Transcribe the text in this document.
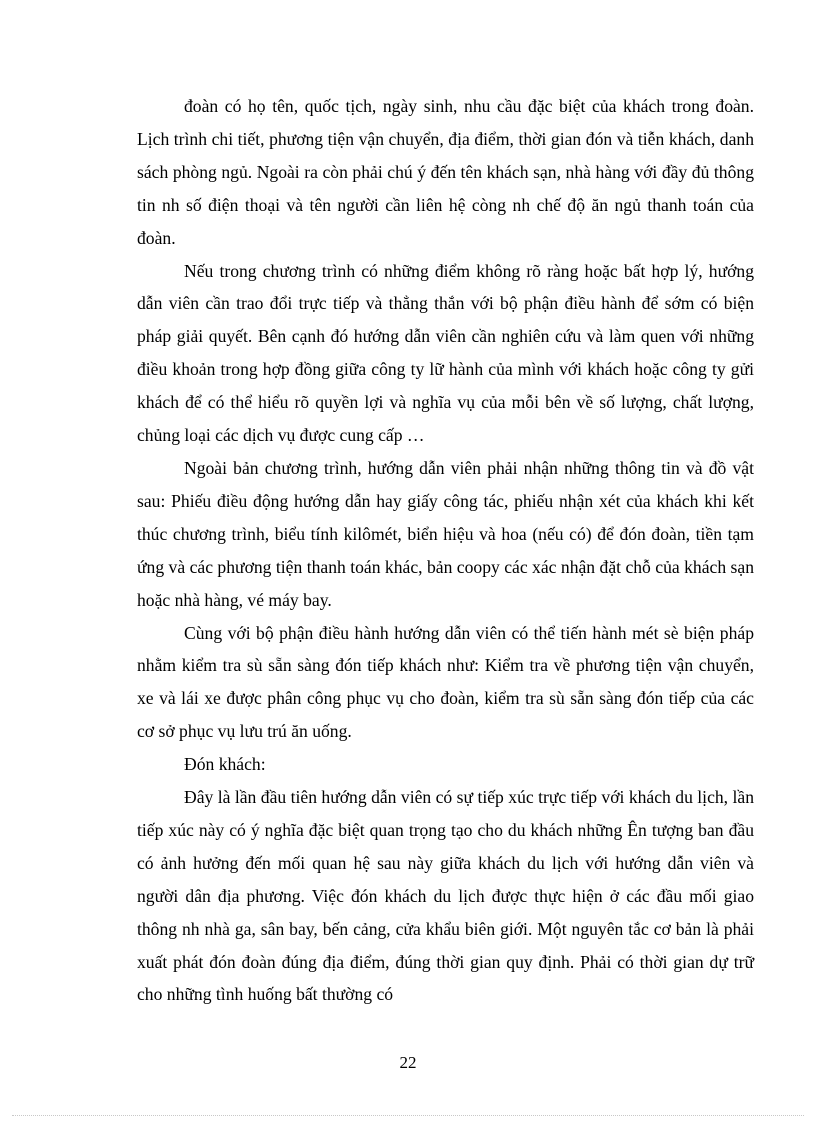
đoàn có họ tên, quốc tịch, ngày sinh, nhu cầu đặc biệt của khách trong đoàn. Lịch trình chi tiết, phương tiện vận chuyển, địa điểm, thời gian đón và tiễn khách, danh sách phòng ngủ. Ngoài ra còn phải chú ý đến tên khách sạn, nhà hàng với đầy đủ thông tin nh số điện thoại và tên người cần liên hệ còng nh chế độ ăn ngủ thanh toán của đoàn.

Nếu trong chương trình có những điểm không rõ ràng hoặc bất hợp lý, hướng dẫn viên cần trao đổi trực tiếp và thẳng thắn với bộ phận điều hành để sớm có biện pháp giải quyết. Bên cạnh đó hướng dẫn viên cần nghiên cứu và làm quen với những điều khoản trong hợp đồng giữa công ty lữ hành của mình với khách hoặc công ty gửi khách để có thể hiểu rõ quyền lợi và nghĩa vụ của mỗi bên về số lượng, chất lượng, chủng loại các dịch vụ được cung cấp …

Ngoài bản chương trình, hướng dẫn viên phải nhận những thông tin và đồ vật sau: Phiếu điều động hướng dẫn hay giấy công tác, phiếu nhận xét của khách khi kết thúc chương trình, biểu tính kilômét, biển hiệu và hoa (nếu có) để đón đoàn, tiền tạm ứng và các phương tiện thanh toán khác, bản coopy các xác nhận đặt chỗ của khách sạn hoặc nhà hàng, vé máy bay.

Cùng với bộ phận điều hành hướng dẫn viên có thể tiến hành mét sè biện pháp nhằm kiểm tra sù sẵn sàng đón tiếp khách như: Kiểm tra về phương tiện vận chuyển, xe và lái xe được phân công phục vụ cho đoàn, kiểm tra sù sẵn sàng đón tiếp của các cơ sở phục vụ lưu trú ăn uống.

Đón khách:

Đây là lần đầu tiên hướng dẫn viên có sự tiếp xúc trực tiếp với khách du lịch, lần tiếp xúc này có ý nghĩa đặc biệt quan trọng tạo cho du khách những Ên tượng ban đầu có ảnh hưởng đến mối quan hệ sau này giữa khách du lịch với hướng dẫn viên và người dân địa phương. Việc đón khách du lịch được thực hiện ở các đầu mối giao thông nh nhà ga, sân bay, bến cảng, cửa khẩu biên giới. Một nguyên tắc cơ bản là phải xuất phát đón đoàn đúng địa điểm, đúng thời gian quy định. Phải có thời gian dự trữ cho những tình huống bất thường có

22
